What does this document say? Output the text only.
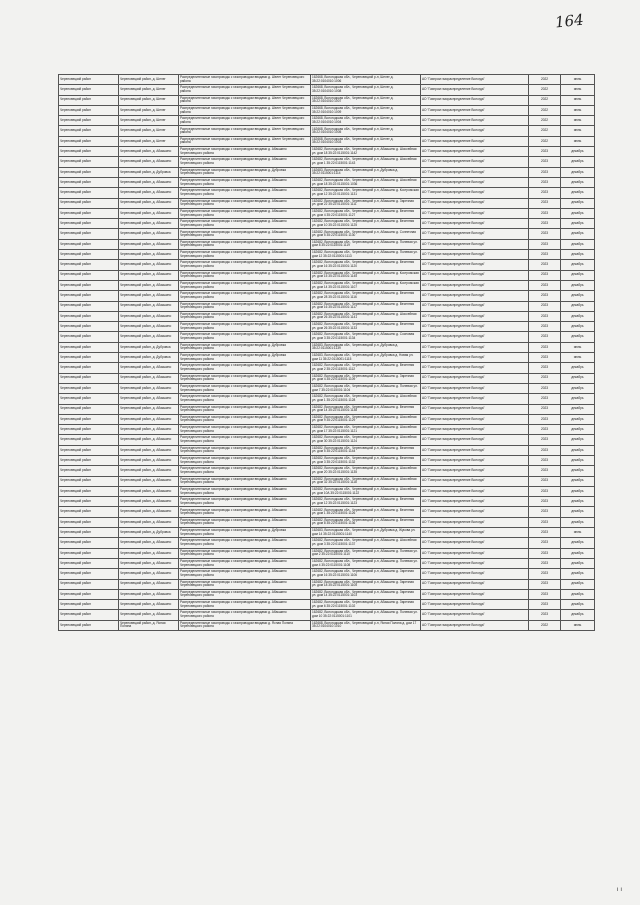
164
Череповецкий район	Череповецкий район, д. Шелег	Распределительные газопроводы с газопроводом вводами д. Шелег Череповецкого района	162668, Вологодская обл., Череповецкий р-н, Шелег д. 35:22:0104010:1006	АО "Газпром газораспределение Вологда"	2022	июнь
Череповецкий район	Череповецкий район, д. Шелег	Распределительные газопроводы с газопроводом вводами д. Шелег Череповецкого района	162668, Вологодская обл., Череповецкий р-н, Шелег д. 35:22:0104010:1008	АО "Газпром газораспределение Вологда"	2022	июнь
Череповецкий район	Череповецкий район, д. Шелег	Распределительные газопроводы с газопроводом вводами д. Шелег Череповецкого района	162668, Вологодская обл., Череповецкий р-н, Шелег д. 35:22:0104010:1007	АО "Газпром газораспределение Вологда"	2022	июнь
Череповецкий район	Череповецкий район, д. Шелег	Распределительные газопроводы с газопроводом вводами д. Шелег Череповецкого района	162668, Вологодская обл., Череповецкий р-н, Шелег д. 35:22:0104010:1009	АО "Газпром газораспределение Вологда"	2022	июнь
Череповецкий район	Череповецкий район, д. Шелег	Распределительные газопроводы с газопроводом вводами д. Шелег Череповецкого района	162668, Вологодская обл., Череповецкий р-н, Шелег д. 35:22:0104010:1004	АО "Газпром газораспределение Вологда"	2022	июнь
Череповецкий район	Череповецкий район, д. Шелег	Распределительные газопроводы с газопроводом вводами д. Шелег Череповецкого района	162668, Вологодская обл., Череповецкий р-н, Шелег д. 35:22:0104010:1005	АО "Газпром газораспределение Вологда"	2022	июнь
Череповецкий район	Череповецкий район, д. Шелег	Распределительные газопроводы с газопроводом вводами д. Шелег Череповецкого района	162668, Вологодская обл., Череповецкий р-н, Шелег д. 35:22:0104010:1003	АО "Газпром газораспределение Вологда"	2022	июнь
Череповецкий район	Череповецкий район, д. Абакшино	Распределительные газопроводы с газопроводом вводами д. Абакшино Череповецкого района	162682, Вологодская обл., Череповецкий р-н, Абакшино д. Шоссейная ул. дом 18 35:22:0115001:1142	АО "Газпром газораспределение Вологда"	2023	декабрь
Череповецкий район	Череповецкий район, д. Абакшино	Распределительные газопроводы с газопроводом вводами д. Абакшино Череповецкого района	162682, Вологодская обл., Череповецкий р-н, Абакшино д. Шоссейная ул. дом 1 35:22:0115001:1143	АО "Газпром газораспределение Вологда"	2023	декабрь
Череповецкий район	Череповецкий район, д. Дубровка	Распределительные газопроводы с газопроводом вводами д. Дубровка Череповецкого района	162683, Вологодская обл., Череповецкий р-н, Дубровка д. 35:22:0115001:1114	АО "Газпром газораспределение Вологда"	2023	декабрь
Череповецкий район	Череповецкий район, д. Абакшино	Распределительные газопроводы с газопроводом вводами д. Абакшино Череповецкого района	162682, Вологодская обл., Череповецкий р-н, Абакшино д. Шоссейная ул. дом 18 35:22:0115001:1036	АО "Газпром газораспределение Вологда"	2023	декабрь
Череповецкий район	Череповецкий район, д. Абакшино	Распределительные газопроводы с газопроводом вводами д. Абакшино Череповецкого района	162682, Вологодская обл., Череповецкий р-н, Абакшино д. Костромская ул. дом 12 35:22:0115001:1131	АО "Газпром газораспределение Вологда"	2023	декабрь
Череповецкий район	Череповецкий район, д. Абакшино	Распределительные газопроводы с газопроводом вводами д. Абакшино Череповецкого района	162682, Вологодская обл., Череповецкий р-н, Абакшино д. Заречная ул. дом 22 35:22:0115001:1111	АО "Газпром газораспределение Вологда"	2023	декабрь
Череповецкий район	Череповецкий район, д. Абакшино	Распределительные газопроводы с газопроводом вводами д. Абакшино Череповецкого района	162682, Вологодская обл., Череповецкий р-н, Абакшино д. Весенняя ул. дом 4 35:22:0115001:1127	АО "Газпром газораспределение Вологда"	2023	декабрь
Череповецкий район	Череповецкий район, д. Абакшино	Распределительные газопроводы с газопроводом вводами д. Абакшино Череповецкого района	162682, Вологодская обл., Череповецкий р-н, Абакшино д. Весенняя ул. дом 10 35:22:0115001:1125	АО "Газпром газораспределение Вологда"	2023	декабрь
Череповецкий район	Череповецкий район, д. Абакшино	Распределительные газопроводы с газопроводом вводами д. Абакшино Череповецкого района	162682, Вологодская обл., Череповецкий р-н, Абакшино д. Солнечная ул. дом 5 35:22:0115001:1130	АО "Газпром газораспределение Вологда"	2023	декабрь
Череповецкий район	Череповецкий район, д. Абакшино	Распределительные газопроводы с газопроводом вводами д. Абакшино Череповецкого района	162682, Вологодская обл., Череповецкий р-н, Абакшино д. Полевая ул. дом 8 35:22:0115001:1119	АО "Газпром газораспределение Вологда"	2023	декабрь
Череповецкий район	Череповецкий район, д. Абакшино	Распределительные газопроводы с газопроводом вводами д. Абакшино Череповецкого района	162682, Вологодская обл., Череповецкий р-н, Абакшино д. Полевая ул. дом 12 35:22:0115001:1113	АО "Газпром газораспределение Вологда"	2023	декабрь
Череповецкий район	Череповецкий район, д. Абакшино	Распределительные газопроводы с газопроводом вводами д. Абакшино Череповецкого района	162682, Вологодская обл., Череповецкий р-н, Абакшино д. Весенняя ул. дом 16 35:22:0115001:1120	АО "Газпром газораспределение Вологда"	2023	декабрь
Череповецкий район	Череповецкий район, д. Абакшино	Распределительные газопроводы с газопроводом вводами д. Абакшино Череповецкого района	162682, Вологодская обл., Череповецкий р-н, Абакшино д. Костромская ул. дом 15 35:22:0115001:1145	АО "Газпром газораспределение Вологда"	2023	декабрь
Череповецкий район	Череповецкий район, д. Абакшино	Распределительные газопроводы с газопроводом вводами д. Абакшино Череповецкого района	162682, Вологодская обл., Череповецкий р-н, Абакшино д. Костромская ул. дом 14 35:22:0115001:1107	АО "Газпром газораспределение Вологда"	2023	декабрь
Череповецкий район	Череповецкий район, д. Абакшино	Распределительные газопроводы с газопроводом вводами д. Абакшино Череповецкого района	162682, Вологодская обл., Череповецкий р-н, Абакшино д. Весенняя ул. дом 28 35:22:0115001:1116	АО "Газпром газораспределение Вологда"	2023	декабрь
Череповецкий район	Череповецкий район, д. Абакшино	Распределительные газопроводы с газопроводом вводами д. Абакшино Череповецкого района	162682, Вологодская обл., Череповецкий р-н, Абакшино д. Весенняя ул. дом 16 35:22:0115001:1117	АО "Газпром газораспределение Вологда"	2023	декабрь
Череповецкий район	Череповецкий район, д. Абакшино	Распределительные газопроводы с газопроводом вводами д. Абакшино Череповецкого района	162682, Вологодская обл., Череповецкий р-н, Абакшино д. Шоссейная ул. дом 26 35:22:0115001:1141	АО "Газпром газораспределение Вологда"	2023	декабрь
Череповецкий район	Череповецкий район, д. Абакшино	Распределительные газопроводы с газопроводом вводами д. Абакшино Череповецкого района	162682, Вологодская обл., Череповецкий р-н, Абакшино д. Весенняя ул. дом 26 35:22:0115001:1133	АО "Газпром газораспределение Вологда"	2023	декабрь
Череповецкий район	Череповецкий район, д. Абакшино	Распределительные газопроводы с газопроводом вводами д. Абакшино Череповецкого района	162682, Вологодская обл., Череповецкий р-н, Абакшино д. Сосновая ул. дом 3 35:22:0115001:1134	АО "Газпром газораспределение Вологда"	2023	декабрь
Череповецкий район	Череповецкий район, д. Дубровка	Распределительные газопроводы с газопроводом вводами д. Дубровка Череповецкого района	162683, Вологодская обл., Череповецкий р-н, Дубровка д. 35:22:0115001:1139	АО "Газпром газораспределение Вологда"	2023	июнь
Череповецкий район	Череповецкий район, д. Дубровка	Распределительные газопроводы с газопроводом вводами д. Дубровка Череповецкого района	162683, Вологодская обл., Череповецкий р-н, Дубровка д. Новая ул. дом 11 35:22:0115001:1115	АО "Газпром газораспределение Вологда"	2023	июнь
Череповецкий район	Череповецкий район, д. Абакшино	Распределительные газопроводы с газопроводом вводами д. Абакшино Череповецкого района	162682, Вологодская обл., Череповецкий р-н, Абакшино д. Весенняя ул. дом 2 35:22:0115001:1112	АО "Газпром газораспределение Вологда"	2023	декабрь
Череповецкий район	Череповецкий район, д. Абакшино	Распределительные газопроводы с газопроводом вводами д. Абакшино Череповецкого района	162682, Вологодская обл., Череповецкий р-н, Абакшино д. Заречная ул. дом 4 35:22:0115001:1109	АО "Газпром газораспределение Вологда"	2023	декабрь
Череповецкий район	Череповецкий район, д. Абакшино	Распределительные газопроводы с газопроводом вводами д. Абакшино Череповецкого района	162682, Вологодская обл., Череповецкий р-н, Абакшино д. Полевая ул. дом 7 35:22:0115001:1104	АО "Газпром газораспределение Вологда"	2023	декабрь
Череповецкий район	Череповецкий район, д. Абакшино	Распределительные газопроводы с газопроводом вводами д. Абакшино Череповецкого района	162682, Вологодская обл., Череповецкий р-н, Абакшино д. Шоссейная ул. дом 1 35:22:0115001:1128	АО "Газпром газораспределение Вологда"	2023	декабрь
Череповецкий район	Череповецкий район, д. Абакшино	Распределительные газопроводы с газопроводом вводами д. Абакшино Череповецкого района	162682, Вологодская обл., Череповецкий р-н, Абакшино д. Весенняя ул. дом 14 35:22:0115001:1138	АО "Газпром газораспределение Вологда"	2023	декабрь
Череповецкий район	Череповецкий район, д. Абакшино	Распределительные газопроводы с газопроводом вводами д. Абакшино Череповецкого района	162682, Вологодская обл., Череповецкий р-н, Абакшино д. Шоссейная ул. дом 9 35:22:0115001:1129	АО "Газпром газораспределение Вологда"	2023	декабрь
Череповецкий район	Череповецкий район, д. Абакшино	Распределительные газопроводы с газопроводом вводами д. Абакшино Череповецкого района	162682, Вологодская обл., Череповецкий р-н, Абакшино д. Шоссейная ул. дом 17 35:22:0115001:1121	АО "Газпром газораспределение Вологда"	2023	декабрь
Череповецкий район	Череповецкий район, д. Абакшино	Распределительные газопроводы с газопроводом вводами д. Абакшино Череповецкого района	162682, Вологодская обл., Череповецкий р-н, Абакшино д. Шоссейная ул. дом 30 35:22:0115001:1124	АО "Газпром газораспределение Вологда"	2023	декабрь
Череповецкий район	Череповецкий район, д. Абакшино	Распределительные газопроводы с газопроводом вводами д. Абакшино Череповецкого района	162682, Вологодская обл., Череповецкий р-н, Абакшино д. Весенняя ул. дом 5 35:22:0115001:1144	АО "Газпром газораспределение Вологда"	2023	декабрь
Череповецкий район	Череповецкий район, д. Абакшино	Распределительные газопроводы с газопроводом вводами д. Абакшино Череповецкого района	162682, Вологодская обл., Череповецкий р-н, Абакшино д. Весенняя ул. дом 3 35:22:0115001:1132	АО "Газпром газораспределение Вологда"	2023	декабрь
Череповецкий район	Череповецкий район, д. Абакшино	Распределительные газопроводы с газопроводом вводами д. Абакшино Череповецкого района	162682, Вологодская обл., Череповецкий р-н, Абакшино д. Шоссейная ул. дом 20 35:22:0115001:1135	АО "Газпром газораспределение Вологда"	2023	декабрь
Череповецкий район	Череповецкий район, д. Абакшино	Распределительные газопроводы с газопроводом вводами д. Абакшино Череповецкого района	162682, Вологодская обл., Череповецкий р-н, Абакшино д. Шоссейная ул. дом 32 35:22:0115001:1118	АО "Газпром газораспределение Вологда"	2023	декабрь
Череповецкий район	Череповецкий район, д. Абакшино	Распределительные газопроводы с газопроводом вводами д. Абакшино Череповецкого района	162682, Вологодская обл., Череповецкий р-н, Абакшино д. Шоссейная ул. дом 10А 35:22:0115001:1122	АО "Газпром газораспределение Вологда"	2023	декабрь
Череповецкий район	Череповецкий район, д. Абакшино	Распределительные газопроводы с газопроводом вводами д. Абакшино Череповецкого района	162682, Вологодская обл., Череповецкий р-н, Абакшино д. Весенняя ул. дом 12 35:22:0115001:1123	АО "Газпром газораспределение Вологда"	2023	декабрь
Череповецкий район	Череповецкий район, д. Абакшино	Распределительные газопроводы с газопроводом вводами д. Абакшино Череповецкого района	162682, Вологодская обл., Череповецкий р-н, Абакшино д. Весенняя ул. дом 1 35:22:0115001:1126	АО "Газпром газораспределение Вологда"	2023	декабрь
Череповецкий район	Череповецкий район, д. Абакшино	Распределительные газопроводы с газопроводом вводами д. Абакшино Череповецкого района	162682, Вологодская обл., Череповецкий р-н, Абакшино д. Весенняя ул. дом 8 35:22:0115001:1136	АО "Газпром газораспределение Вологда"	2023	декабрь
Череповецкий район	Череповецкий район, д. Дубровка	Распределительные газопроводы с газопроводом вводами д. Дубровка Череповецкого района	162683, Вологодская обл., Череповецкий р-н, Дубровка д. Жукова ул. дом 14 35:22:0115001:1140	АО "Газпром газораспределение Вологда"	2023	июнь
Череповецкий район	Череповецкий район, д. Абакшино	Распределительные газопроводы с газопроводом вводами д. Абакшино Череповецкого района	162682, Вологодская обл., Череповецкий р-н, Абакшино д. Шоссейная ул. дом 3 35:22:0115001:1137	АО "Газпром газораспределение Вологда"	2023	декабрь
Череповецкий район	Череповецкий район, д. Абакшино	Распределительные газопроводы с газопроводом вводами д. Абакшино Череповецкого района	162682, Вологодская обл., Череповецкий р-н, Абакшино д. Полевая ул. дом 2 35:22:0115001:1110	АО "Газпром газораспределение Вологда"	2023	декабрь
Череповецкий район	Череповецкий район, д. Абакшино	Распределительные газопроводы с газопроводом вводами д. Абакшино Череповецкого района	162682, Вологодская обл., Череповецкий р-н, Абакшино д. Полевая ул. дом 4 35:22:0115001:1108	АО "Газпром газораспределение Вологда"	2023	декабрь
Череповецкий район	Череповецкий район, д. Абакшино	Распределительные газопроводы с газопроводом вводами д. Абакшино Череповецкого района	162682, Вологодская обл., Череповецкий р-н, Абакшино д. Заречная ул. дом 16 35:22:0115001:1106	АО "Газпром газораспределение Вологда"	2023	декабрь
Череповецкий район	Череповецкий район, д. Абакшино	Распределительные газопроводы с газопроводом вводами д. Абакшино Череповецкого района	162682, Вологодская обл., Череповецкий р-н, Абакшино д. Заречная ул. дом 18 35:22:0115001:1105	АО "Газпром газораспределение Вологда"	2023	декабрь
Череповецкий район	Череповецкий район, д. Абакшино	Распределительные газопроводы с газопроводом вводами д. Абакшино Череповецкого района	162682, Вологодская обл., Череповецкий р-н, Абакшино д. Заречная ул. дом 14 35:22:0115001:1103	АО "Газпром газораспределение Вологда"	2023	декабрь
Череповецкий район	Череповецкий район, д. Абакшино	Распределительные газопроводы с газопроводом вводами д. Абакшино Череповецкого района	162682, Вологодская обл., Череповецкий р-н, Абакшино д. Заречная ул. дом 6 35:22:0115001:1102	АО "Газпром газораспределение Вологда"	2023	декабрь
Череповецкий район	Череповецкий район, д. Абакшино	Распределительные газопроводы с газопроводом вводами д. Абакшино Череповецкого района	162682, Вологодская обл., Череповецкий р-н, Абакшино д. Полевая ул. дом 10 35:22:0115001:1101	АО "Газпром газораспределение Вологда"	2023	декабрь
Череповецкий район	Череповецкий район, д. Ясная Поляна	Распределительные газопроводы с газопроводом вводами д. Ясная Поляна Череповецкого района	162668, Вологодская обл., Череповецкий р-н, Ясная Поляна д. дом 17 35:22:0104010:1010	АО "Газпром газораспределение Вологда"	2022	июнь
ı ı
